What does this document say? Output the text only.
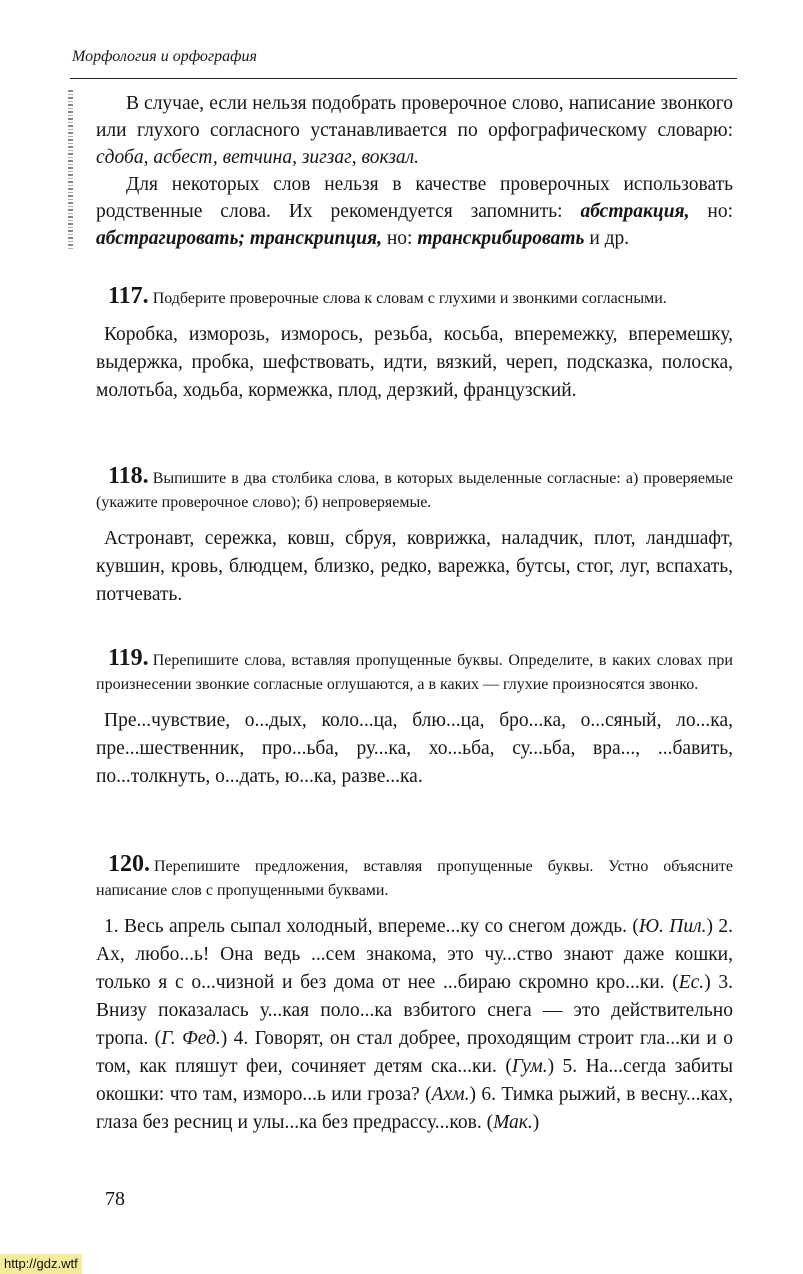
Морфология и орфография

В случае, если нельзя подобрать проверочное слово, написание звонкого или глухого согласного устанавливается по орфографическому словарю: сдоба, асбест, ветчина, зигзаг, вокзал.

Для некоторых слов нельзя в качестве проверочных использовать родственные слова. Их рекомендуется запомнить: абстракция, но: абстрагировать; транскрипция, но: транскрибировать и др.

117. Подберите проверочные слова к словам с глухими и звонкими согласными.
Коробка, изморозь, изморось, резьба, косьба, вперемежку, вперемешку, выдержка, пробка, шефствовать, идти, вязкий, череп, подсказка, полоска, молотьба, ходьба, кормежка, плод, дерзкий, французский.
118. Выпишите в два столбика слова, в которых выделенные согласные: а) проверяемые (укажите проверочное слово); б) непроверяемые.
Астронавт, сережка, ковш, сбруя, коврижка, наладчик, плот, ландшафт, кувшин, кровь, блюдцем, близко, редко, варежка, бутсы, стог, луг, вспахать, потчевать.
119. Перепишите слова, вставляя пропущенные буквы. Определите, в каких словах при произнесении звонкие согласные оглушаются, а в каких — глухие произносятся звонко.
Пре...чувствие, о...дых, коло...ца, блю...ца, бро...ка, о...сяный, ло...ка, пре...шественник, про...ьба, ру...ка, хо...ьба, су...ьба, вра..., ...бавить, по...толкнуть, о...дать, ю...ка, разве...ка.
120. Перепишите предложения, вставляя пропущенные буквы. Устно объясните написание слов с пропущенными буквами.
1. Весь апрель сыпал холодный, впереме...ку со снегом дождь. (Ю. Пил.) 2. Ах, любо...ь! Она ведь ...сем знакома, это чу...ство знают даже кошки, только я с о...чизной и без дома от нее ...бираю скромно кро...ки. (Ес.) 3. Внизу показалась у...кая поло...ка взбитого снега — это действительно тропа. (Г. Фед.) 4. Говорят, он стал добрее, проходящим строит гла...ки и о том, как пляшут феи, сочиняет детям ска...ки. (Гум.) 5. На...сегда забиты окошки: что там, изморо...ь или гроза? (Ахм.) 6. Тимка рыжий, в весну...ках, глаза без ресниц и улы...ка без предрассу...ков. (Мак.)
78
http://gdz.wtf
